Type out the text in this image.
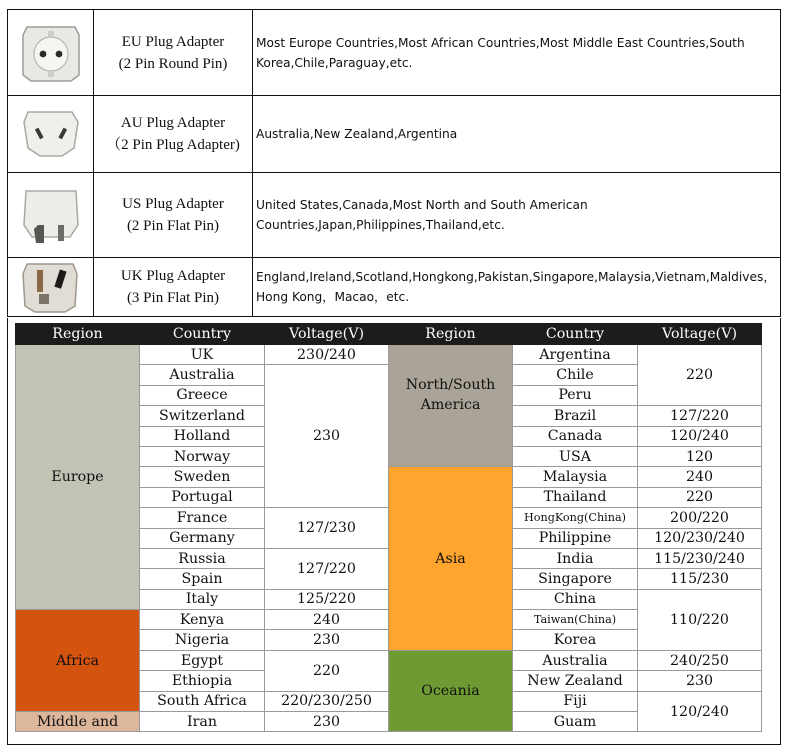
EU Plug Adapter
(2 Pin Round Pin)	Most Europe Countries,Most African Countries,Most Middle East Countries,South Korea,Chile,Paraguay,etc.

AU Plug Adapter
（2 Pin Plug Adapter)	Australia,New Zealand,Argentina

US Plug Adapter
(2 Pin Flat Pin)	United States,Canada,Most North and South American Countries,Japan,Philippines,Thailand,etc.

UK Plug Adapter
(3 Pin Flat Pin)	England,Ireland,Scotland,Hongkong,Pakistan,Singapore,Malaysia,Vietnam,Maldives，Hong Kong，Macao，etc.
Region	Country	Voltage(V)	Region	Country	Voltage(V)
Europe	UK	230/240	North/South America	Argentina	220
	Australia	230		Chile	
	Greece			Peru	
	Switzerland			Brazil	127/220
	Holland			Canada	120/240
	Norway			USA	120
	Sweden		Asia	Malaysia	240
	Portugal			Thailand	220
	France	127/230		HongKong(China)	200/220
	Germany			Philippine	120/230/240
	Russia	127/220		India	115/230/240
	Spain			Singapore	115/230
	Italy	125/220		China	110/220
Africa	Kenya	240		Taiwan(China)	
	Nigeria	230		Korea	
	Egypt	220	Oceania	Australia	240/250
	Ethiopia			New Zealand	230
	South Africa	220/230/250		Fiji	120/240
Middle and	Iran	230		Guam	
